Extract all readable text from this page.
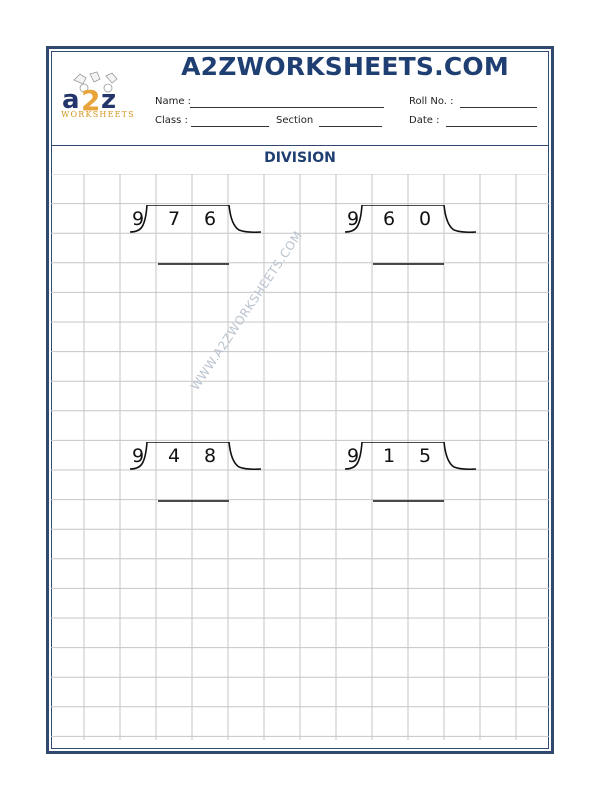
a 2 z
WORKSHEETS
A2ZWORKSHEETS.COM
Name :	Roll No. :
Class :	Section	Date :
DIVISION
WWW.A2ZWORKSHEETS.COM
9 7 6	9 6 0
9 4 8	9 1 5
